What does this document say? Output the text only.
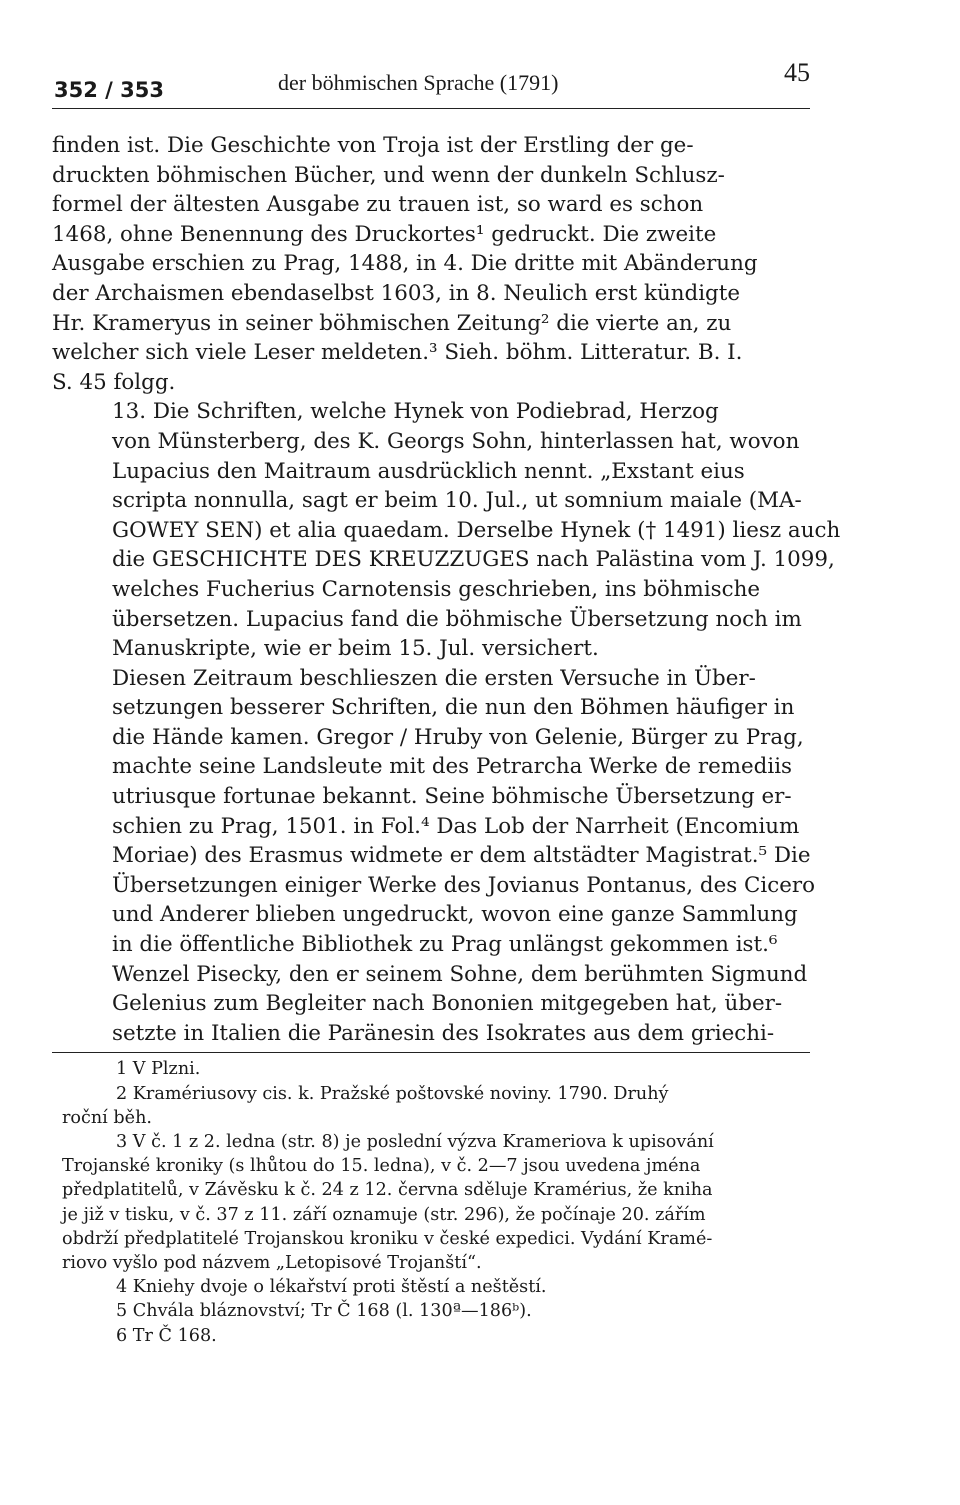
352 / 353	der böhmischen Sprache (1791)	45

finden ist. Die Geschichte von Troja ist der Erstling der ge-
druckten böhmischen Bücher, und wenn der dunkeln Schlusz-
formel der ältesten Ausgabe zu trauen ist, so ward es schon
1468, ohne Benennung des Druckortes¹ gedruckt. Die zweite
Ausgabe erschien zu Prag, 1488, in 4. Die dritte mit Abänderung
der Archaismen ebendaselbst 1603, in 8. Neulich erst kündigte
Hr. Krameryus in seiner böhmischen Zeitung² die vierte an, zu
welcher sich viele Leser meldeten.³ Sieh. böhm. Litteratur. B. I.
S. 45 folgg.

13. Die Schriften, welche Hynek von Podiebrad, Herzog
von Münsterberg, des K. Georgs Sohn, hinterlassen hat, wovon
Lupacius den Maitraum ausdrücklich nennt. „Exstant eius
scripta nonnulla, sagt er beim 10. Jul., ut somnium maiale (MA-
GOWEY SEN) et alia quaedam. Derselbe Hynek († 1491) liesz auch
die GESCHICHTE DES KREUZZUGES nach Palästina vom J. 1099,
welches Fucherius Carnotensis geschrieben, ins böhmische
übersetzen. Lupacius fand die böhmische Übersetzung noch im
Manuskripte, wie er beim 15. Jul. versichert.

Diesen Zeitraum beschlieszen die ersten Versuche in Über-
setzungen besserer Schriften, die nun den Böhmen häufiger in
die Hände kamen. Gregor / Hruby von Gelenie, Bürger zu Prag,
machte seine Landsleute mit des Petrarcha Werke de remediis
utriusque fortunae bekannt. Seine böhmische Übersetzung er-
schien zu Prag, 1501. in Fol.⁴ Das Lob der Narrheit (Encomium
Moriae) des Erasmus widmete er dem altstädter Magistrat.⁵ Die
Übersetzungen einiger Werke des Jovianus Pontanus, des Cicero
und Anderer blieben ungedruckt, wovon eine ganze Sammlung
in die öffentliche Bibliothek zu Prag unlängst gekommen ist.⁶
Wenzel Pisecky, den er seinem Sohne, dem berühmten Sigmund
Gelenius zum Begleiter nach Bononien mitgegeben hat, über-
setzte in Italien die Paränesin des Isokrates aus dem griechi-

1 V Plzni.
2 Kramériusovy cis. k. Pražské poštovské noviny. 1790. Druhý
roční běh.
3 V č. 1 z 2. ledna (str. 8) je poslední výzva Krameriova k upisování
Trojanské kroniky (s lhůtou do 15. ledna), v č. 2—7 jsou uvedena jména
předplatitelů, v Závěsku k č. 24 z 12. června sděluje Kramérius, že kniha
je již v tisku, v č. 37 z 11. září oznamuje (str. 296), že počínaje 20. zářím
obdrží předplatitelé Trojanskou kroniku v české expedici. Vydání Kramé-
riovo vyšlo pod názvem „Letopisové Trojanští“.
4 Kniehy dvoje o lékařství proti štěstí a neštěstí.
5 Chvála bláznovství; Tr Č 168 (l. 130ª—186ᵇ).
6 Tr Č 168.
